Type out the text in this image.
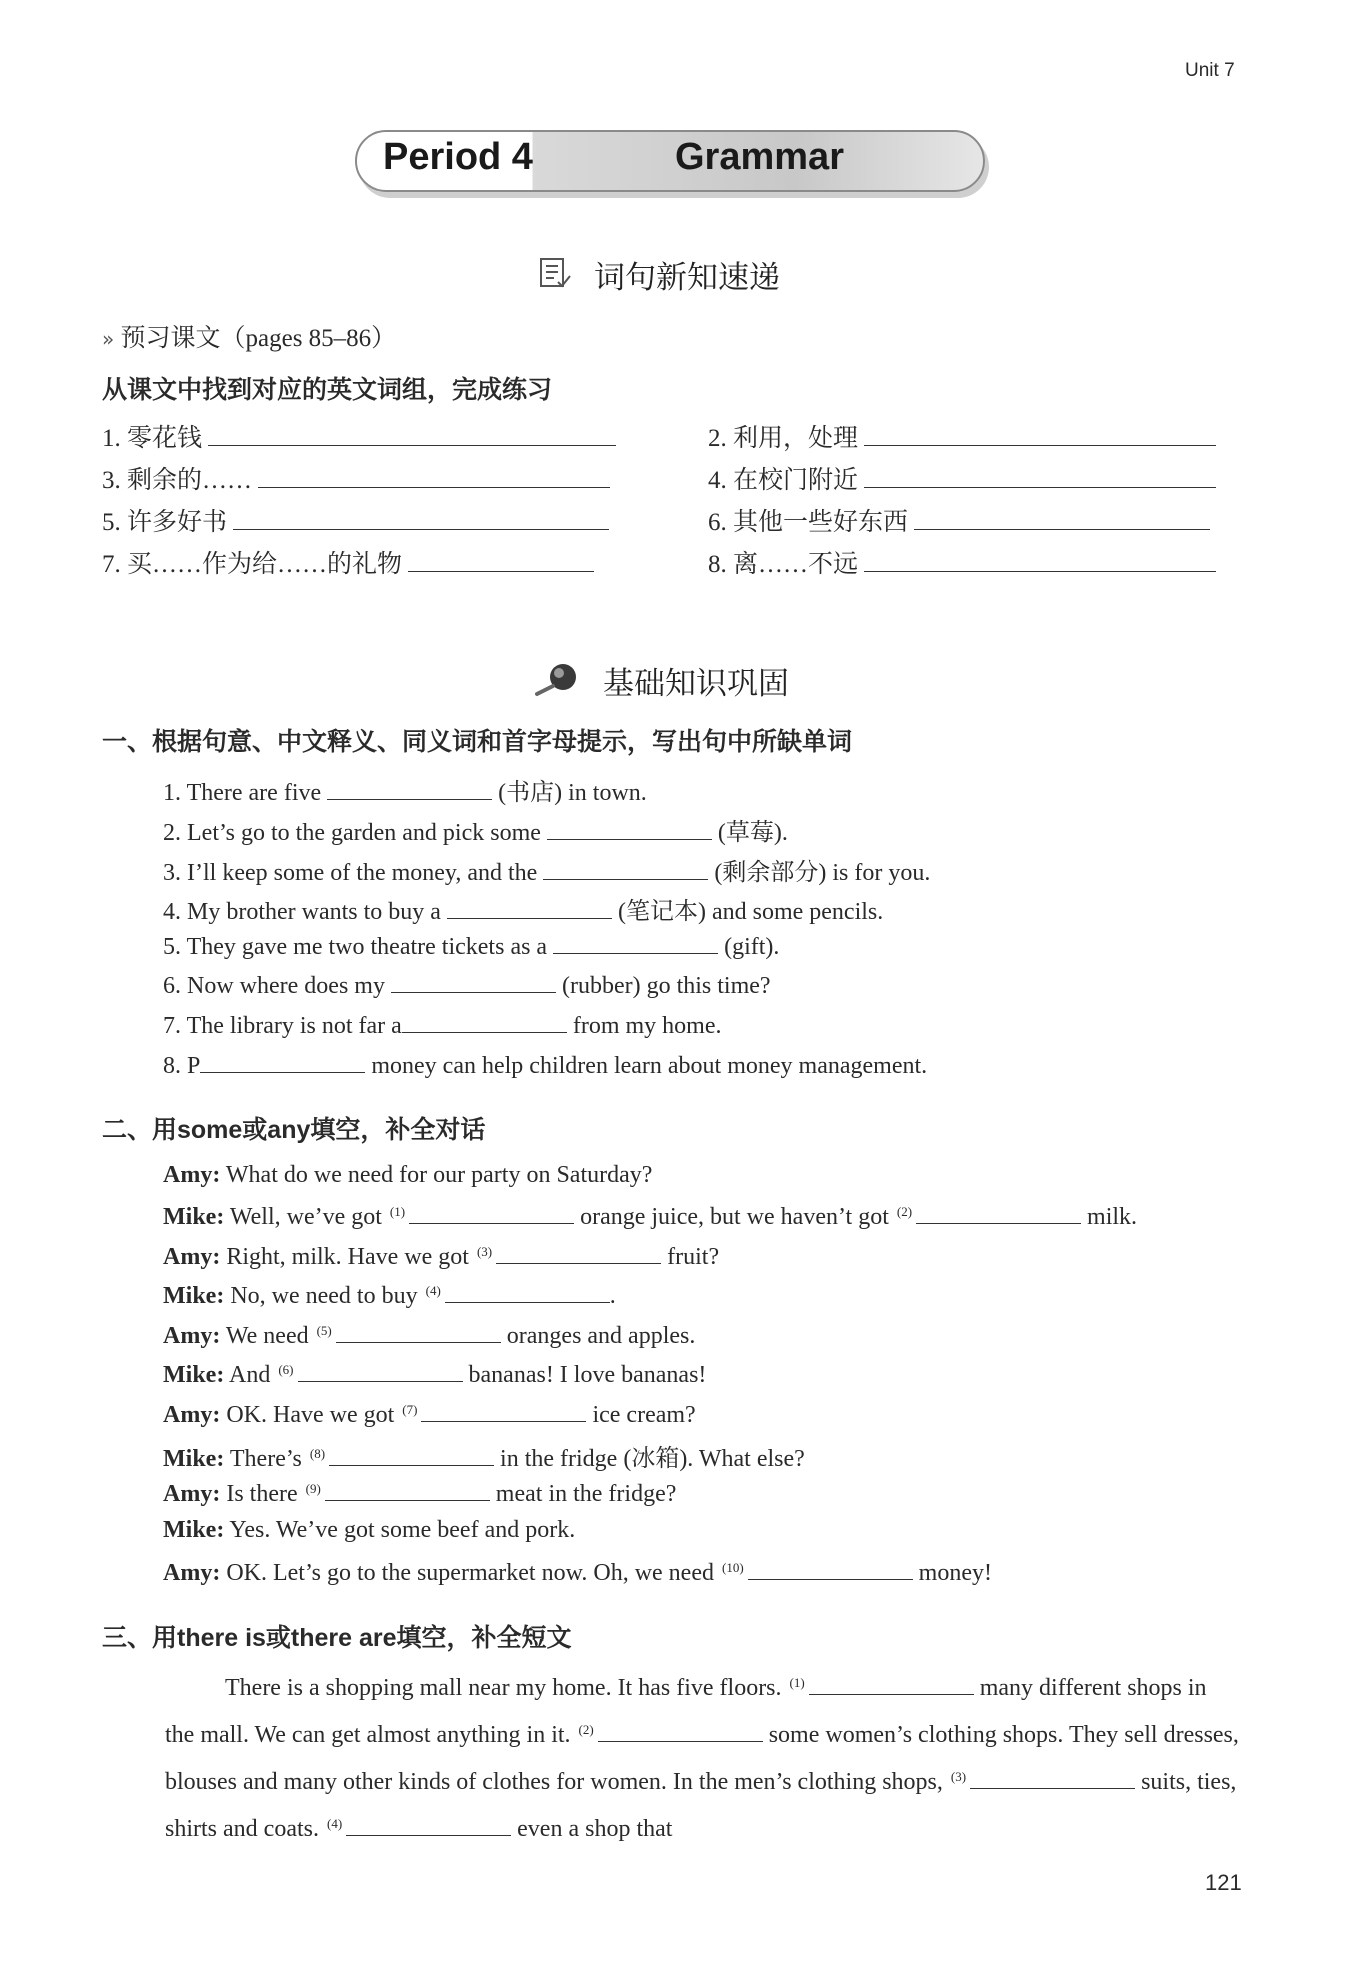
Unit 7
Period 4	Grammar
词句新知速递
» 预习课文（pages 85–86）
从课文中找到对应的英文词组，完成练习
1. 零花钱	2. 利用，处理
3. 剩余的……	4. 在校门附近
5. 许多好书	6. 其他一些好东西
7. 买……作为给……的礼物	8. 离……不远
基础知识巩固
一、根据句意、中文释义、同义词和首字母提示，写出句中所缺单词
1. There are five	(书店) in town.
2. Let’s go to the garden and pick some	(草莓).
3. I’ll keep some of the money, and the	(剩余部分) is for you.
4. My brother wants to buy a	(笔记本) and some pencils.
5. They gave me two theatre tickets as a	(gift).
6. Now where does my	(rubber) go this time?
7. The library is not far a	from my home.
8. P	money can help children learn about money management.
二、用some或any填空，补全对话
Amy: What do we need for our party on Saturday?
Mike: Well, we’ve got $^{(1)}$	orange juice, but we haven’t got $^{(2)}$	milk.
Amy: Right, milk. Have we got $^{(3)}$	fruit?
Mike: No, we need to buy $^{(4)}$	.
Amy: We need $^{(5)}$	oranges and apples.
Mike: And $^{(6)}$	bananas! I love bananas!
Amy: OK. Have we got $^{(7)}$	ice cream?
Mike: There’s $^{(8)}$	in the fridge (冰箱). What else?
Amy: Is there $^{(9)}$	meat in the fridge?
Mike: Yes. We’ve got some beef and pork.
Amy: OK. Let’s go to the supermarket now. Oh, we need $^{(10)}$	money!
三、用there is或there are填空，补全短文
There is a shopping mall near my home. It has five floors. $^{(1)}$	many different shops in the mall. We can get almost anything in it. $^{(2)}$	some women’s clothing shops. They sell dresses, blouses and many other kinds of clothes for women. In the men’s clothing shops, $^{(3)}$	suits, ties, shirts and coats. $^{(4)}$	even a shop that
121
